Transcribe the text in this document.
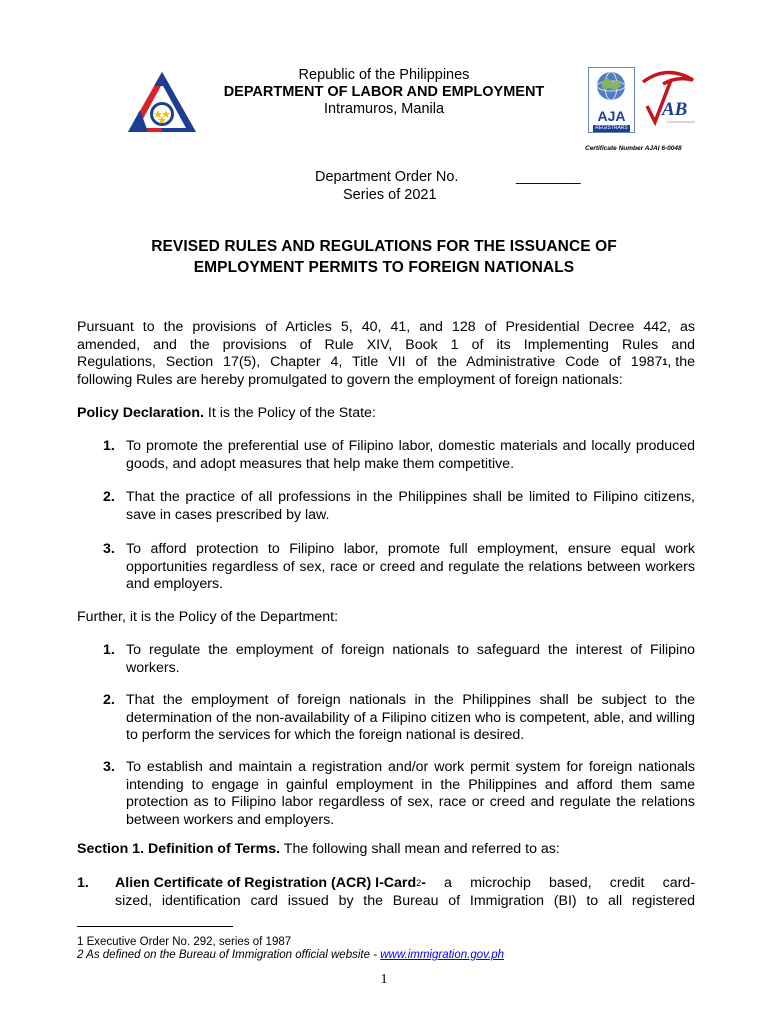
Republic of the Philippines
DEPARTMENT OF LABOR AND EMPLOYMENT
Intramuros, Manila	AJA
REGISTRARS
AB
Certificate Number AJAI 6-0048
Department Order No.	________
Series of 2021
REVISED RULES AND REGULATIONS FOR THE ISSUANCE OF
EMPLOYMENT PERMITS TO FOREIGN NATIONALS
Pursuant to the provisions of Articles 5, 40, 41, and 128 of Presidential Decree 442, as
amended, and the provisions of Rule XIV, Book 1 of its Implementing Rules and
Regulations, Section 17(5), Chapter 4, Title VII of the Administrative Code of 1987 1 , the
following Rules are hereby promulgated to govern the employment of foreign nationals:
Policy Declaration. It is the Policy of the State:
1. To promote the preferential use of Filipino labor, domestic materials and locally produced goods, and adopt measures that help make them competitive.
2. That the practice of all professions in the Philippines shall be limited to Filipino citizens, save in cases prescribed by law.
3. To afford protection to Filipino labor, promote full employment, ensure equal work opportunities regardless of sex, race or creed and regulate the relations between workers and employers.
Further, it is the Policy of the Department:
1. To regulate the employment of foreign nationals to safeguard the interest of Filipino workers.
2. That the employment of foreign nationals in the Philippines shall be subject to the determination of the non-availability of a Filipino citizen who is competent, able, and willing to perform the services for which the foreign national is desired.
3. To establish and maintain a registration and/or work permit system for foreign nationals intending to engage in gainful employment in the Philippines and afford them same protection as to Filipino labor regardless of sex, race or creed and regulate the relations between workers and employers.
Section 1. Definition of Terms. The following shall mean and referred to as:
1.	Alien Certificate of Registration (ACR) I-Card 2 - a microchip based, credit card-
sized, identification card issued by the Bureau of Immigration (BI) to all registered
1 Executive Order No. 292, series of 1987
2 As defined on the Bureau of Immigration official website - www.immigration.gov.ph
1
